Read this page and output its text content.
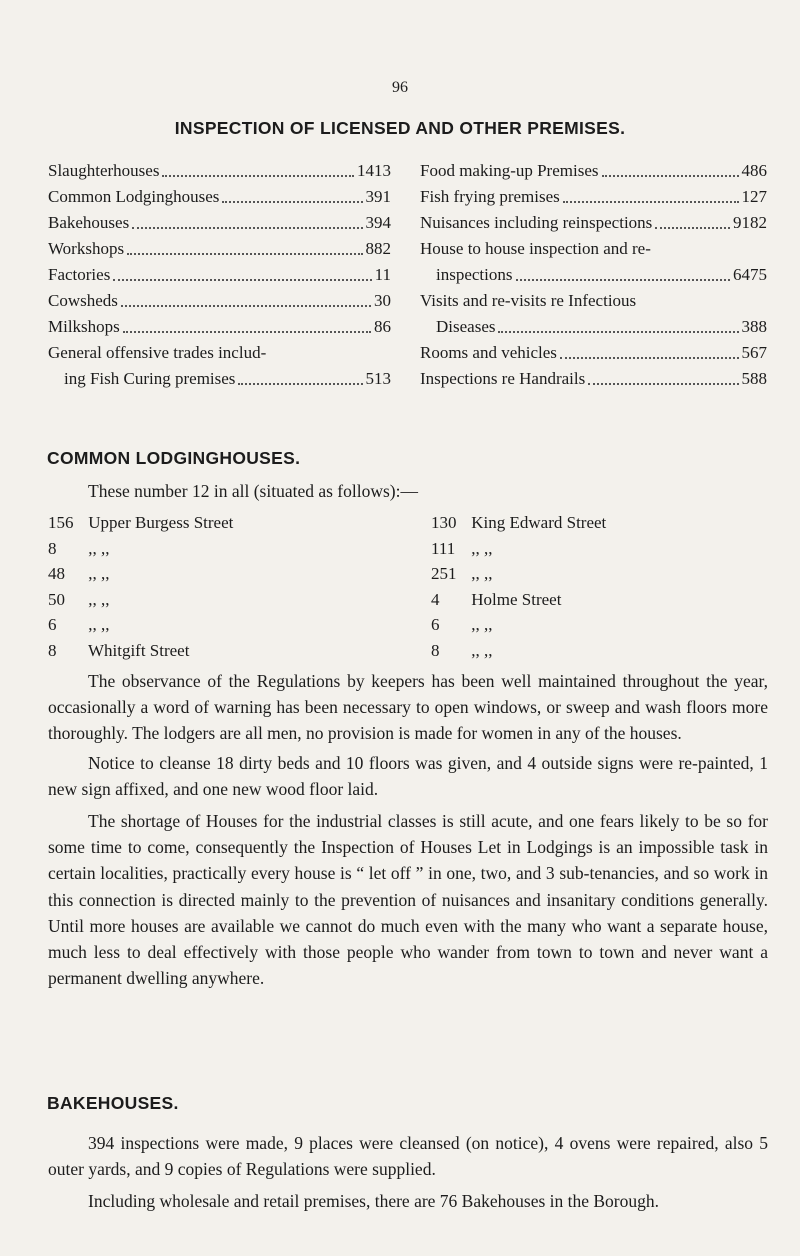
96
INSPECTION OF LICENSED AND OTHER PREMISES.
Slaughterhouses	1413
Common Lodginghouses	391
Bakehouses	394
Workshops	882
Factories	11
Cowsheds	30
Milkshops	86
General offensive trades includ-
ing Fish Curing premises	513
Food making-up Premises	486
Fish frying premises	127
Nuisances including reinspections	9182
House to house inspection and re-
inspections	6475
Visits and re-visits re Infectious
Diseases	388
Rooms and vehicles	567
Inspections re Handrails	588
COMMON LODGINGHOUSES.
These number 12 in all (situated as follows):—
156 Upper Burgess Street
8 ,, ,,
48 ,, ,,
50 ,, ,,
6 ,, ,,
8 Whitgift Street
130 King Edward Street
111 ,, ,,
251 ,, ,,
4 Holme Street
6 ,, ,,
8 ,, ,,

The observance of the Regulations by keepers has been well maintained throughout the year, occasionally a word of warning has been necessary to open windows, or sweep and wash floors more thoroughly. The lodgers are all men, no provision is made for women in any of the houses.

Notice to cleanse 18 dirty beds and 10 floors was given, and 4 outside signs were re-painted, 1 new sign affixed, and one new wood floor laid.

The shortage of Houses for the industrial classes is still acute, and one fears likely to be so for some time to come, consequently the Inspection of Houses Let in Lodgings is an impossible task in certain localities, practically every house is “ let off ” in one, two, and 3 sub-tenancies, and so work in this connection is directed mainly to the prevention of nuisances and insanitary conditions generally. Until more houses are available we cannot do much even with the many who want a separate house, much less to deal effectively with those people who wander from town to town and never want a permanent dwelling anywhere.

BAKEHOUSES.

394 inspections were made, 9 places were cleansed (on notice), 4 ovens were repaired, also 5 outer yards, and 9 copies of Regulations were supplied.

Including wholesale and retail premises, there are 76 Bakehouses in the Borough.
